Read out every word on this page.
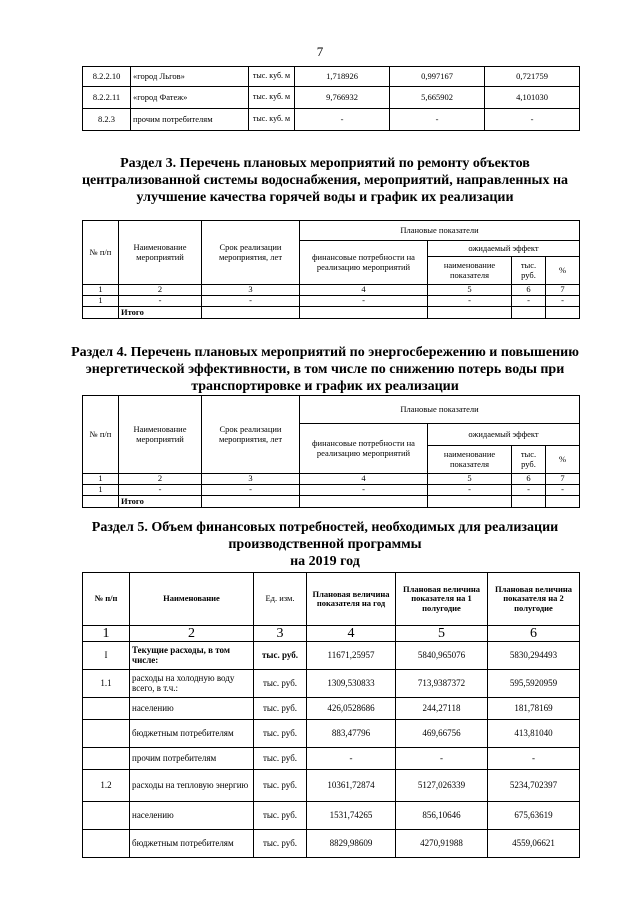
7
8.2.2.10	«город Льгов»	тыс. куб. м	1,718926	0,997167	0,721759
8.2.2.11	«город Фатеж»	тыс. куб. м	9,766932	5,665902	4,101030
8.2.3	прочим потребителям	тыс. куб. м	-	-	-
Раздел 3. Перечень плановых мероприятий по ремонту объектов централизованной системы водоснабжения, мероприятий, направленных на улучшение качества горячей воды и график их реализации
№ п/п	Наименование мероприятий	Срок реализации мероприятия, лет	Плановые показатели			
			финансовые потребности на реализацию мероприятий	ожидаемый эффект		
				наименование показателя	тыс. руб.	%
1	2	3	4	5	6	7
1	-	-	-	-	-	-
	Итого					
Раздел 4. Перечень плановых мероприятий по энергосбережению и повышению энергетической эффективности, в том числе по снижению потерь воды при транспортировке и график их реализации
№ п/п	Наименование мероприятий	Срок реализации мероприятия, лет	Плановые показатели			
			финансовые потребности на реализацию мероприятий	ожидаемый эффект		
				наименование показателя	тыс. руб.	%
1	2	3	4	5	6	7
1	-	-	-	-	-	-
	Итого					
Раздел 5. Объем финансовых потребностей, необходимых для реализации производственной программы
на 2019 год
№ п/п	Наименование	Ед. изм.	Плановая величина показателя на год	Плановая величина показателя на 1 полугодие	Плановая величина показателя на 2 полугодие
1	2	3	4	5	6
I	Текущие расходы, в том числе:	тыс. руб.	11671,25957	5840,965076	5830,294493
1.1	расходы на холодную воду всего, в т.ч.:	тыс. руб.	1309,530833	713,9387372	595,5920959
	населению	тыс. руб.	426,0528686	244,27118	181,78169
	бюджетным потребителям	тыс. руб.	883,47796	469,66756	413,81040
	прочим потребителям	тыс. руб.	-	-	-
1.2	расходы на тепловую энергию	тыс. руб.	10361,72874	5127,026339	5234,702397
	населению	тыс. руб.	1531,74265	856,10646	675,63619
	бюджетным потребителям	тыс. руб.	8829,98609	4270,91988	4559,06621
